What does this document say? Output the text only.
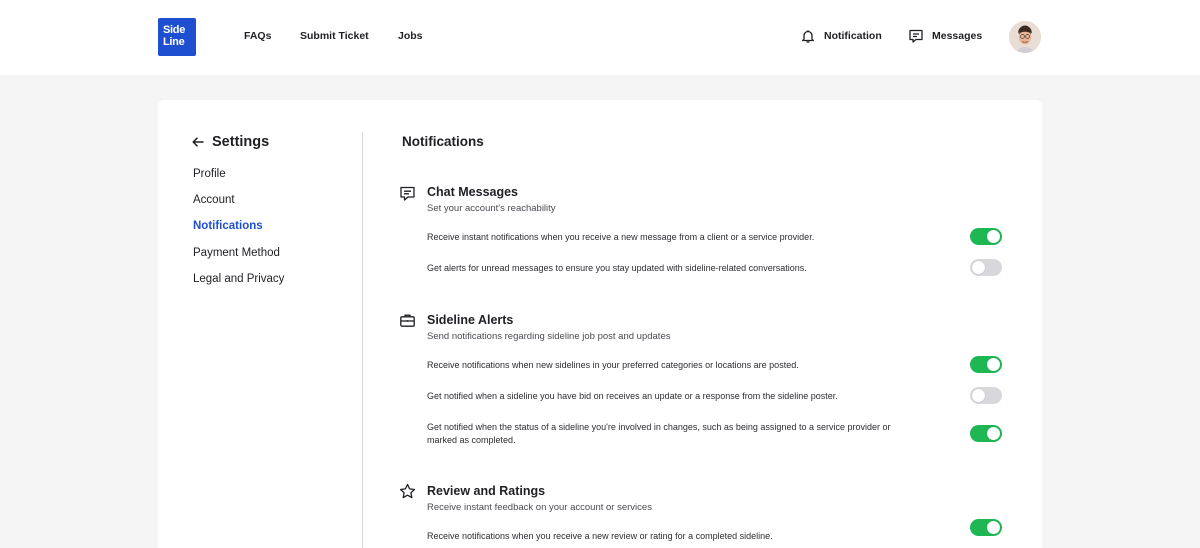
Side
Line	FAQs	Submit Ticket	Jobs	Notification	Messages
Settings
Profile
Account
Notifications
Payment Method
Legal and Privacy
Notifications
Chat Messages
Set your account's reachability
Receive instant notifications when you receive a new message from a client or a service provider.
Get alerts for unread messages to ensure you stay updated with sideline-related conversations.
Sideline Alerts
Send notifications regarding sideline job post and updates
Receive notifications when new sidelines in your preferred categories or locations are posted.
Get notified when a sideline you have bid on receives an update or a response from the sideline poster.
Get notified when the status of a sideline you're involved in changes, such as being assigned to a service provider or marked as completed.
Review and Ratings
Receive instant feedback on your account or services
Receive notifications when you receive a new review or rating for a completed sideline.
